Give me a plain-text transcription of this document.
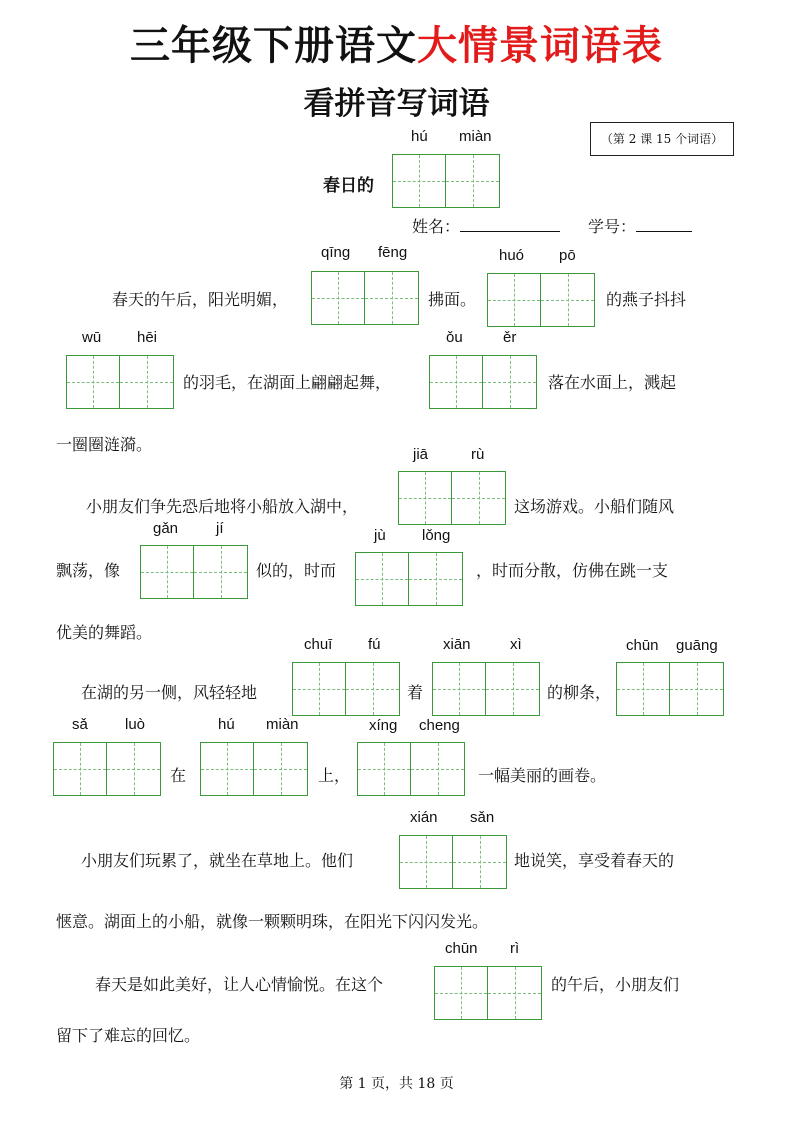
三年级下册语文大情景词语表
看拼音写词语
（第 2 课 15 个词语）
hú miàn
春日的
姓名：	学号：
qīng fēng	huó pō
春天的午后，阳光明媚，	拂面。	的燕子抖抖
wū hēi	ǒu	ěr
的羽毛，在湖面上翩翩起舞，	落在水面上，溅起
一圈圈涟漪。
jiā	rù
小朋友们争先恐后地将小船放入湖中，	这场游戏。小船们随风
gǎn	jí	jù lǒng
飘荡，像	似的，时而	，时而分散，仿佛在跳一支
优美的舞蹈。
chuī fú	xiān	xì	chūn guāng
在湖的另一侧，风轻轻地	着	的柳条，
sǎ luò	hú miàn	xíng cheng
在	上，	一幅美丽的画卷。
xián sǎn
小朋友们玩累了，就坐在草地上。他们	地说笑，享受着春天的
惬意。湖面上的小船，就像一颗颗明珠，在阳光下闪闪发光。
chūn rì
春天是如此美好，让人心情愉悦。在这个	的午后，小朋友们
留下了难忘的回忆。
第 1 页，共 18 页
